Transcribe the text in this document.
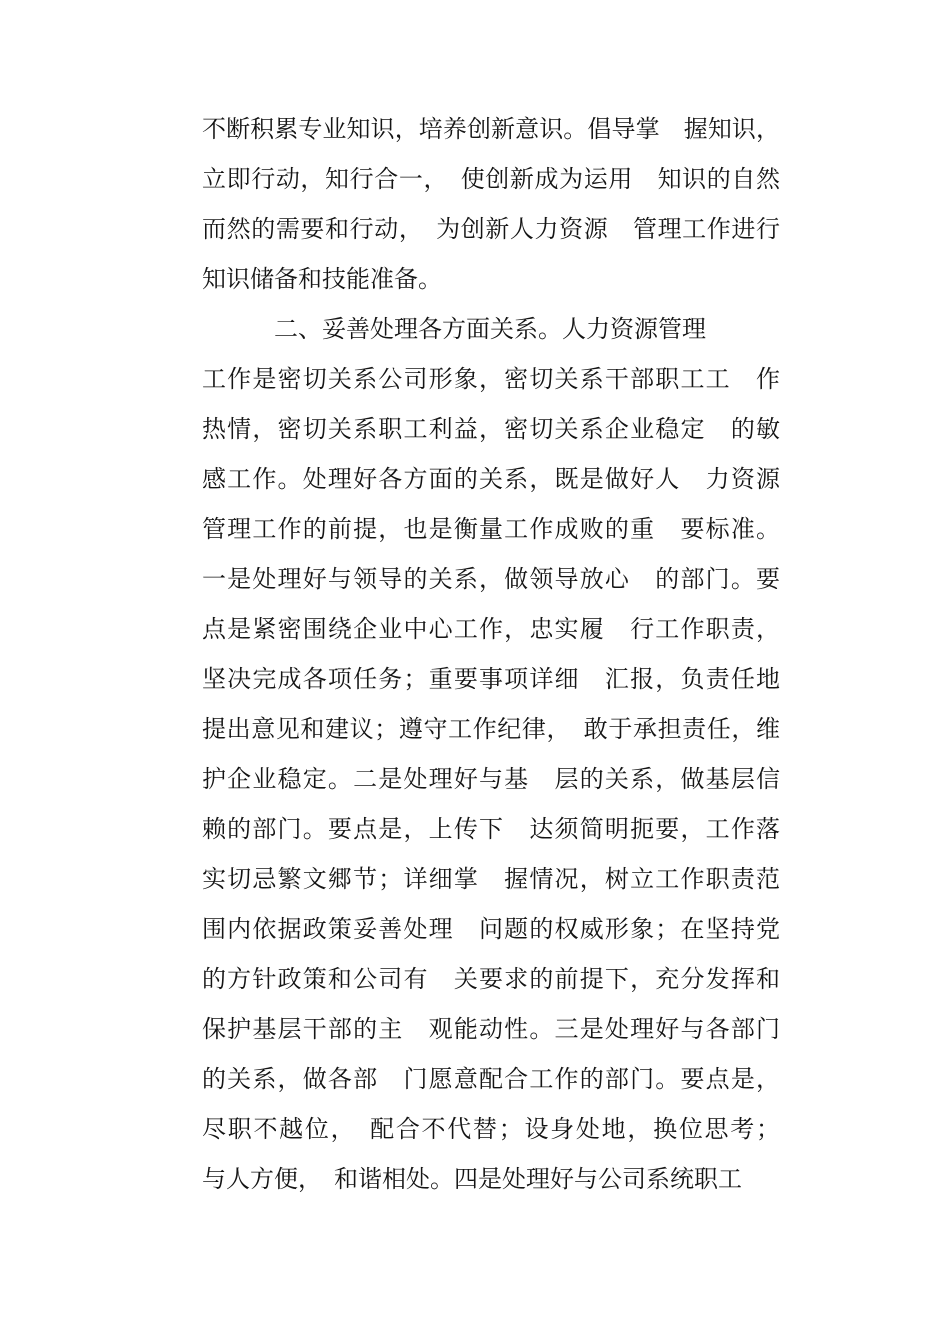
不断积累专业知识，培养创新意识。倡导掌　握知识，
立即行动，知行合一，　使创新成为运用　知识的自然
而然的需要和行动，　为创新人力资源　管理工作进行
知识储备和技能准备。
　　　二、妥善处理各方面关系。人力资源管理
工作是密切关系公司形象，密切关系干部职工工　作
热情，密切关系职工利益，密切关系企业稳定　的敏
感工作。处理好各方面的关系，既是做好人　力资源
管理工作的前提，也是衡量工作成败的重　要标准。
一是处理好与领导的关系，做领导放心　的部门。要
点是紧密围绕企业中心工作，忠实履　行工作职责，
坚决完成各项任务；重要事项详细　汇报，负责任地
提出意见和建议；遵守工作纪律，　敢于承担责任，维
护企业稳定。二是处理好与基　层的关系，做基层信
赖的部门。要点是，上传下　达须简明扼要，工作落
实切忌繁文郷节；详细掌　握情况，树立工作职责范
围内依据政策妥善处理　问题的权威形象；在坚持党
的方针政策和公司有　关要求的前提下，充分发挥和
保护基层干部的主　观能动性。三是处理好与各部门
的关系，做各部　门愿意配合工作的部门。要点是，
尽职不越位，　配合不代替；设身处地，换位思考；
与人方便，　和谐相处。四是处理好与公司系统职工
